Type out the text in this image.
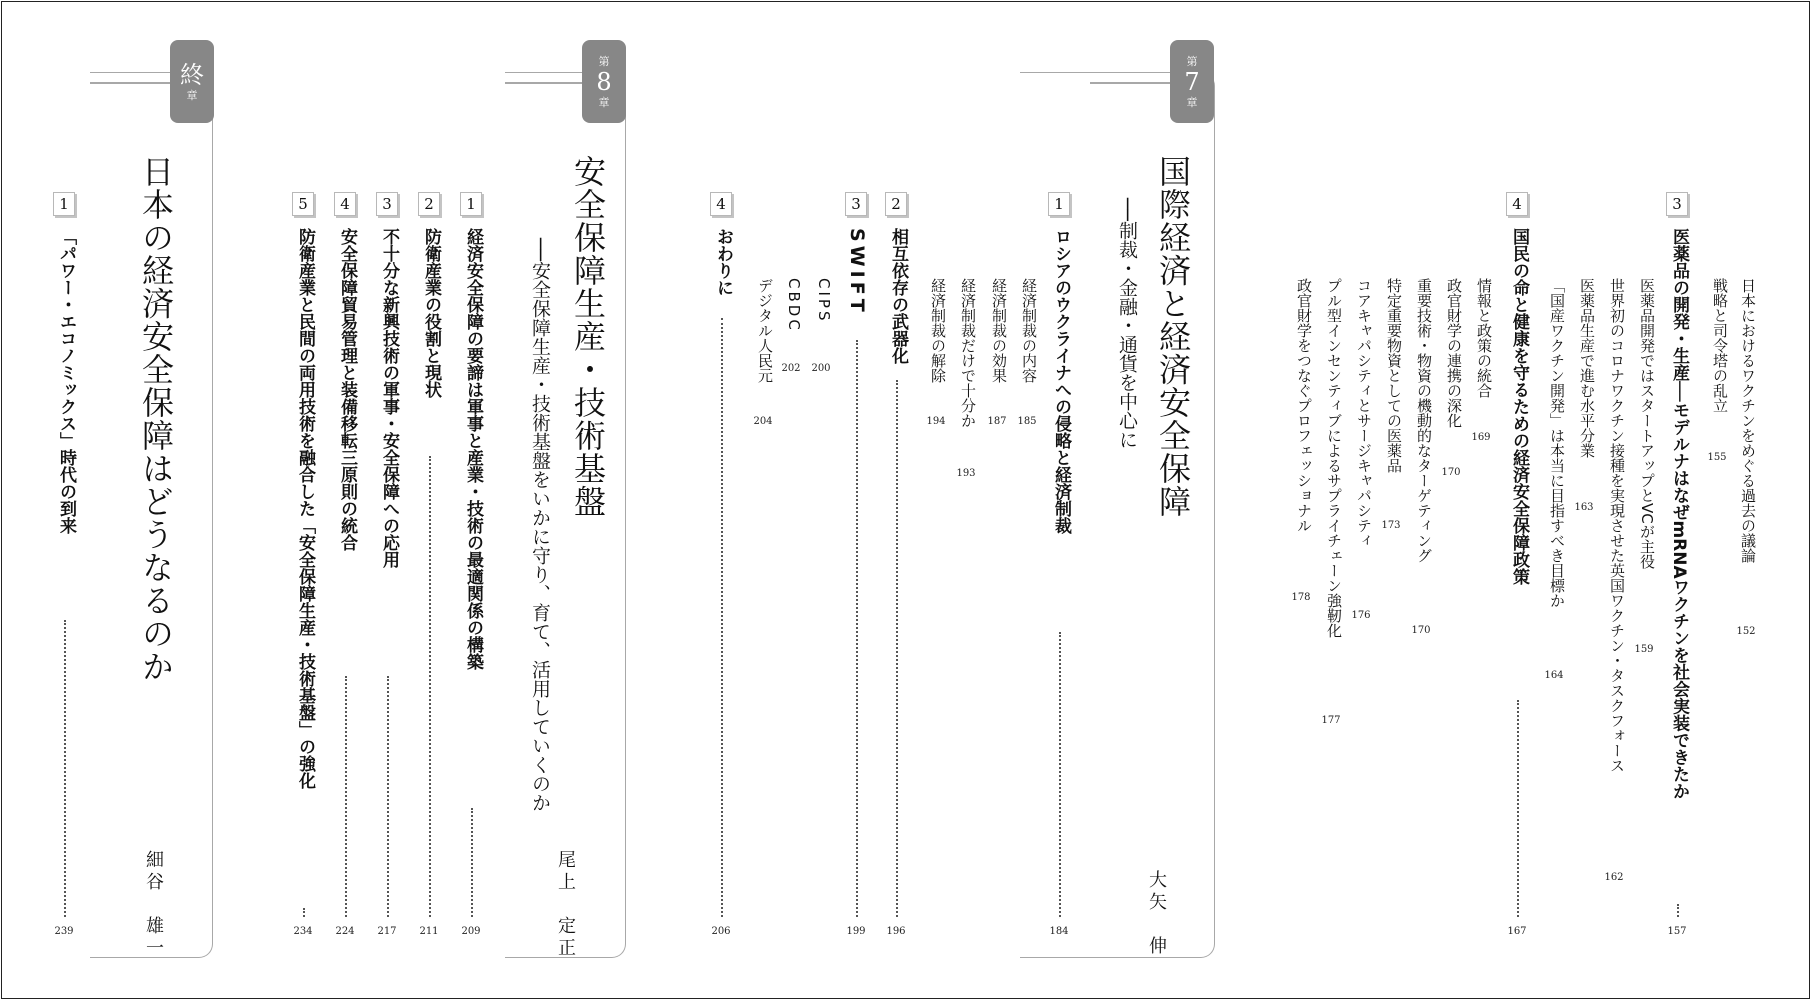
第
7
章
国際経済と経済安全保障
──制裁・金融・通貨を中心に
大矢　伸
1
ロシアのウクライナへの侵略と経済制裁
184
経済制裁の内容
185
経済制裁の効果
187
経済制裁だけで十分か
193
経済制裁の解除
194
2
相互依存の武器化
196
3
SWIFT
199
CIPS
200
CBDC
202
デジタル人民元
204
4
おわりに
206
日本におけるワクチンをめぐる過去の議論
152
戦略と司令塔の乱立
155
3
医薬品の開発・生産──モデルナはなぜmRNAワクチンを社会実装できたか
157
医薬品開発ではスタートアップとVCが主役
159
世界初のコロナワクチン接種を実現させた英国ワクチン・タスクフォース
162
医薬品生産で進む水平分業
163
「国産ワクチン開発」は本当に目指すべき目標か
164
4
国民の命と健康を守るための経済安全保障政策
167
情報と政策の統合
169
政官財学の連携の深化
170
重要技術・物資の機動的なターゲティング
170
特定重要物資としての医薬品
173
コアキャパシティとサージキャパシティ
176
プル型インセンティブによるサプライチェーン強靭化
177
政官財学をつなぐプロフェッショナル
178
第
8
章
安全保障生産・技術基盤
──安全保障生産・技術基盤をいかに守り、育て、活用していくのか
尾上　定正
1
経済安全保障の要諦は軍事と産業・技術の最適関係の構築
209
2
防衛産業の役割と現状
211
3
不十分な新興技術の軍事・安全保障への応用
217
4
安全保障貿易管理と装備移転三原則の統合
224
5
防衛産業と民間の両用技術を融合した「安全保障生産・技術基盤」の強化
234
終
章
日本の経済安全保障はどうなるのか
細谷　雄一
1
「パワー・エコノミックス」時代の到来
239
